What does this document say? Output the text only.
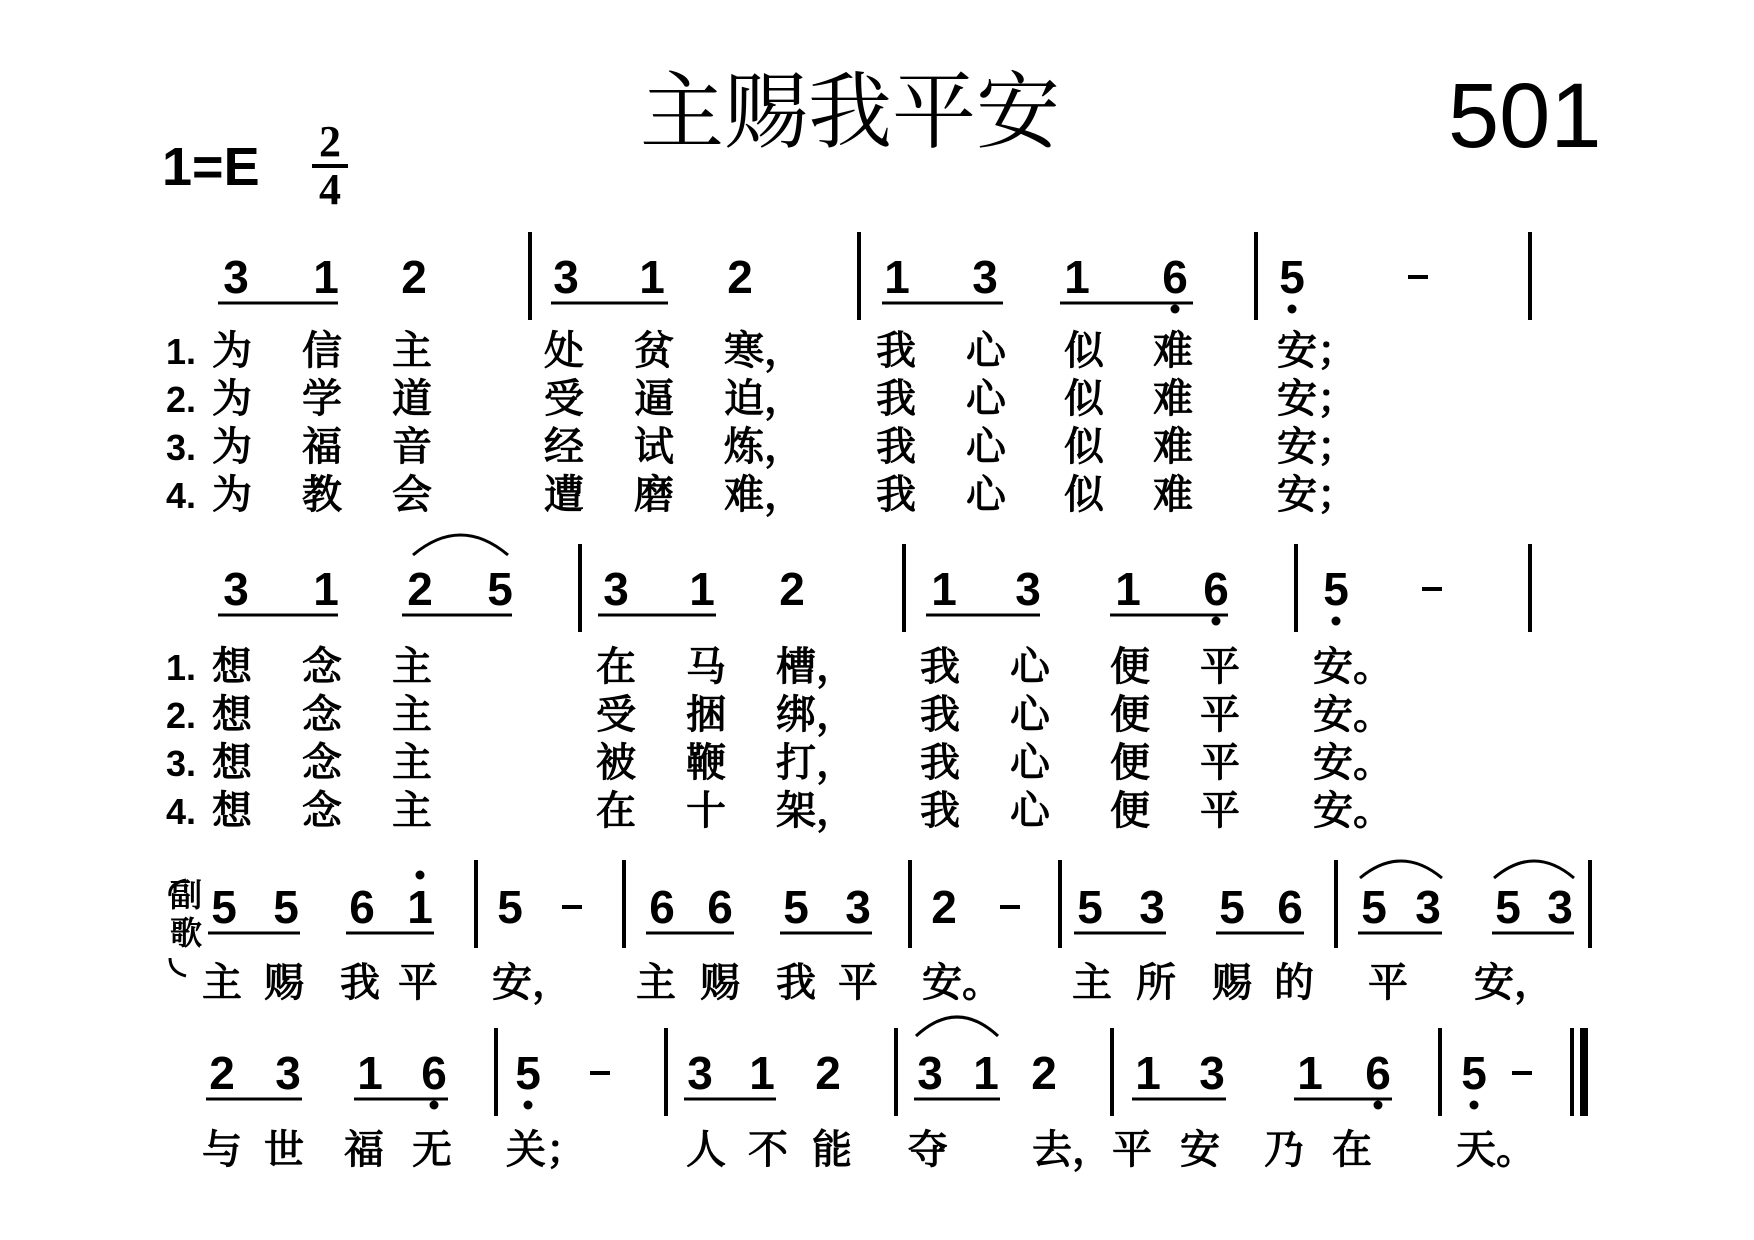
主赐我平安	501
1=E 2
4
3 1 2	3 1 2	1 3 1 6 5
1. 为 信 主	处 贫 寒， 我 心 似 难 安；
2. 为 学 道	受 逼 迫， 我 心 似 难 安；
3. 为 福 音	经 试 炼， 我 心 似 难 安；
4. 为 教 会	遭 磨 难， 我 心 似 难 安；
3 1 2 5 3 1 2	1 3 1 6 5
1. 想 念 主	在 马 槽， 我 心 便 平 安。
2. 想 念 主	受 捆 绑， 我 心 便 平 安。
3. 想 念 主	被 鞭 打， 我 心 便 平 安。
4. 想 念 主	在 十 架， 我 心 便 平 安。
5 5 6 1 5	6 6 5 3 2	5 3 5 6 5 3 5 3
副
歌
主 赐 我 平 安， 主 赐 我 平 安。 主 所 赐 的 平 安，
2 3 1 6 5	3 1 2 3 1 2 1 3 1 6 5
与 世 福 无 关；	人 不 能 夺 去， 平 安 乃 在 天。
